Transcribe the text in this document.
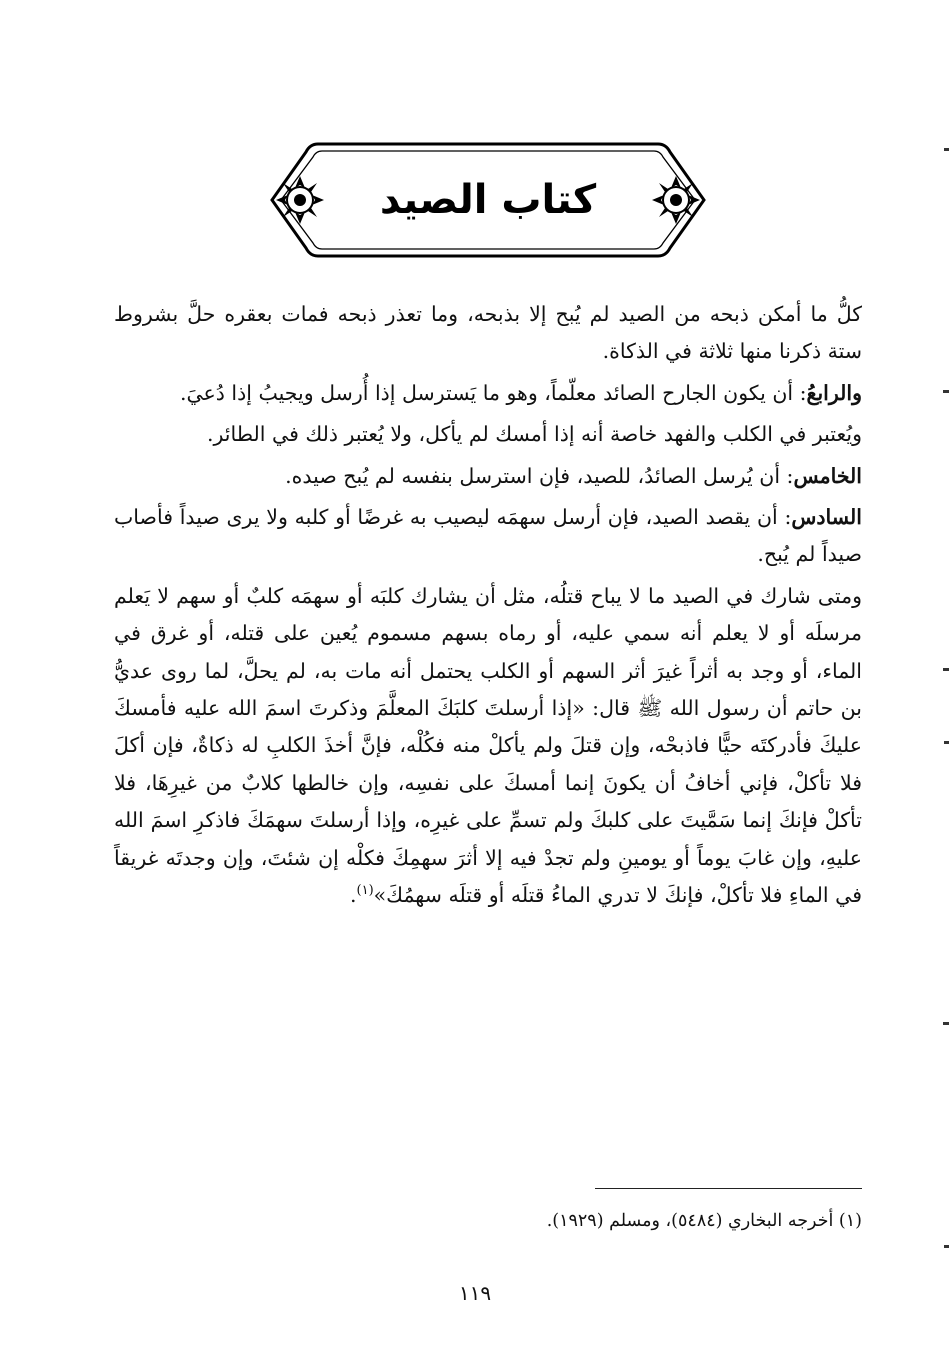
كتاب الصيد

كلُّ ما أمكن ذبحه من الصيد لم يُبح إلا بذبحه، وما تعذر ذبحه فمات بعقره حلَّ بشروط ستة ذكرنا منها ثلاثة في الذكاة.

والرابعُ: أن يكون الجارح الصائد معلّماً، وهو ما يَسترسل إذا أُرسل ويجيبُ إذا دُعيَ.

ويُعتبر في الكلب والفهد خاصة أنه إذا أمسك لم يأكل، ولا يُعتبر ذلك في الطائر.

الخامس: أن يُرسل الصائدُ، للصيد، فإن استرسل بنفسه لم يُبح صيده.

السادس: أن يقصد الصيد، فإن أرسل سهمَه ليصيب به غرضًا أو كلبه ولا يرى صيداً فأصاب صيداً لم يُبح.

ومتى شارك في الصيد ما لا يباح قتلُه، مثل أن يشارك كلبَه أو سهمَه كلبٌ أو سهم لا يَعلم مرسلَه أو لا يعلم أنه سمي عليه، أو رماه بسهم مسموم يُعين على قتله، أو غرق في الماء، أو وجد به أثراً غيرَ أثر السهم أو الكلب يحتمل أنه مات به، لم يحلَّ، لما روى عديُّ بن حاتم أن رسول الله ﷺ قال: «إذا أرسلتَ كلبَكَ المعلَّمَ وذكرتَ اسمَ الله عليه فأمسكَ عليكَ فأدركتَه حيًّا فاذبحْه، وإن قتلَ ولم يأكلْ منه فكُلْه، فإنَّ أخذَ الكلبِ له ذكاةٌ، فإن أكلَ فلا تأكلْ، فإني أخافُ أن يكونَ إنما أمسكَ على نفسِه، وإن خالطها كلابٌ من غيرِهَا، فلا تأكلْ فإنكَ إنما سَمَّيتَ على كلبكَ ولم تسمِّ على غيرِه، وإذا أرسلتَ سهمَكَ فاذكرِ اسمَ الله عليهِ، وإن غابَ يوماً أو يومينِ ولم تجدْ فيه إلا أثرَ سهمِكَ فكلْه إن شئتَ، وإن وجدتَه غريقاً في الماءِ فلا تأكلْ، فإنكَ لا تدري الماءُ قتلَه أو قتلَه سهمُكَ»$^{(١)}$.

(١) أخرجه البخاري (٥٤٨٤)، ومسلم (١٩٢٩).
١١٩
